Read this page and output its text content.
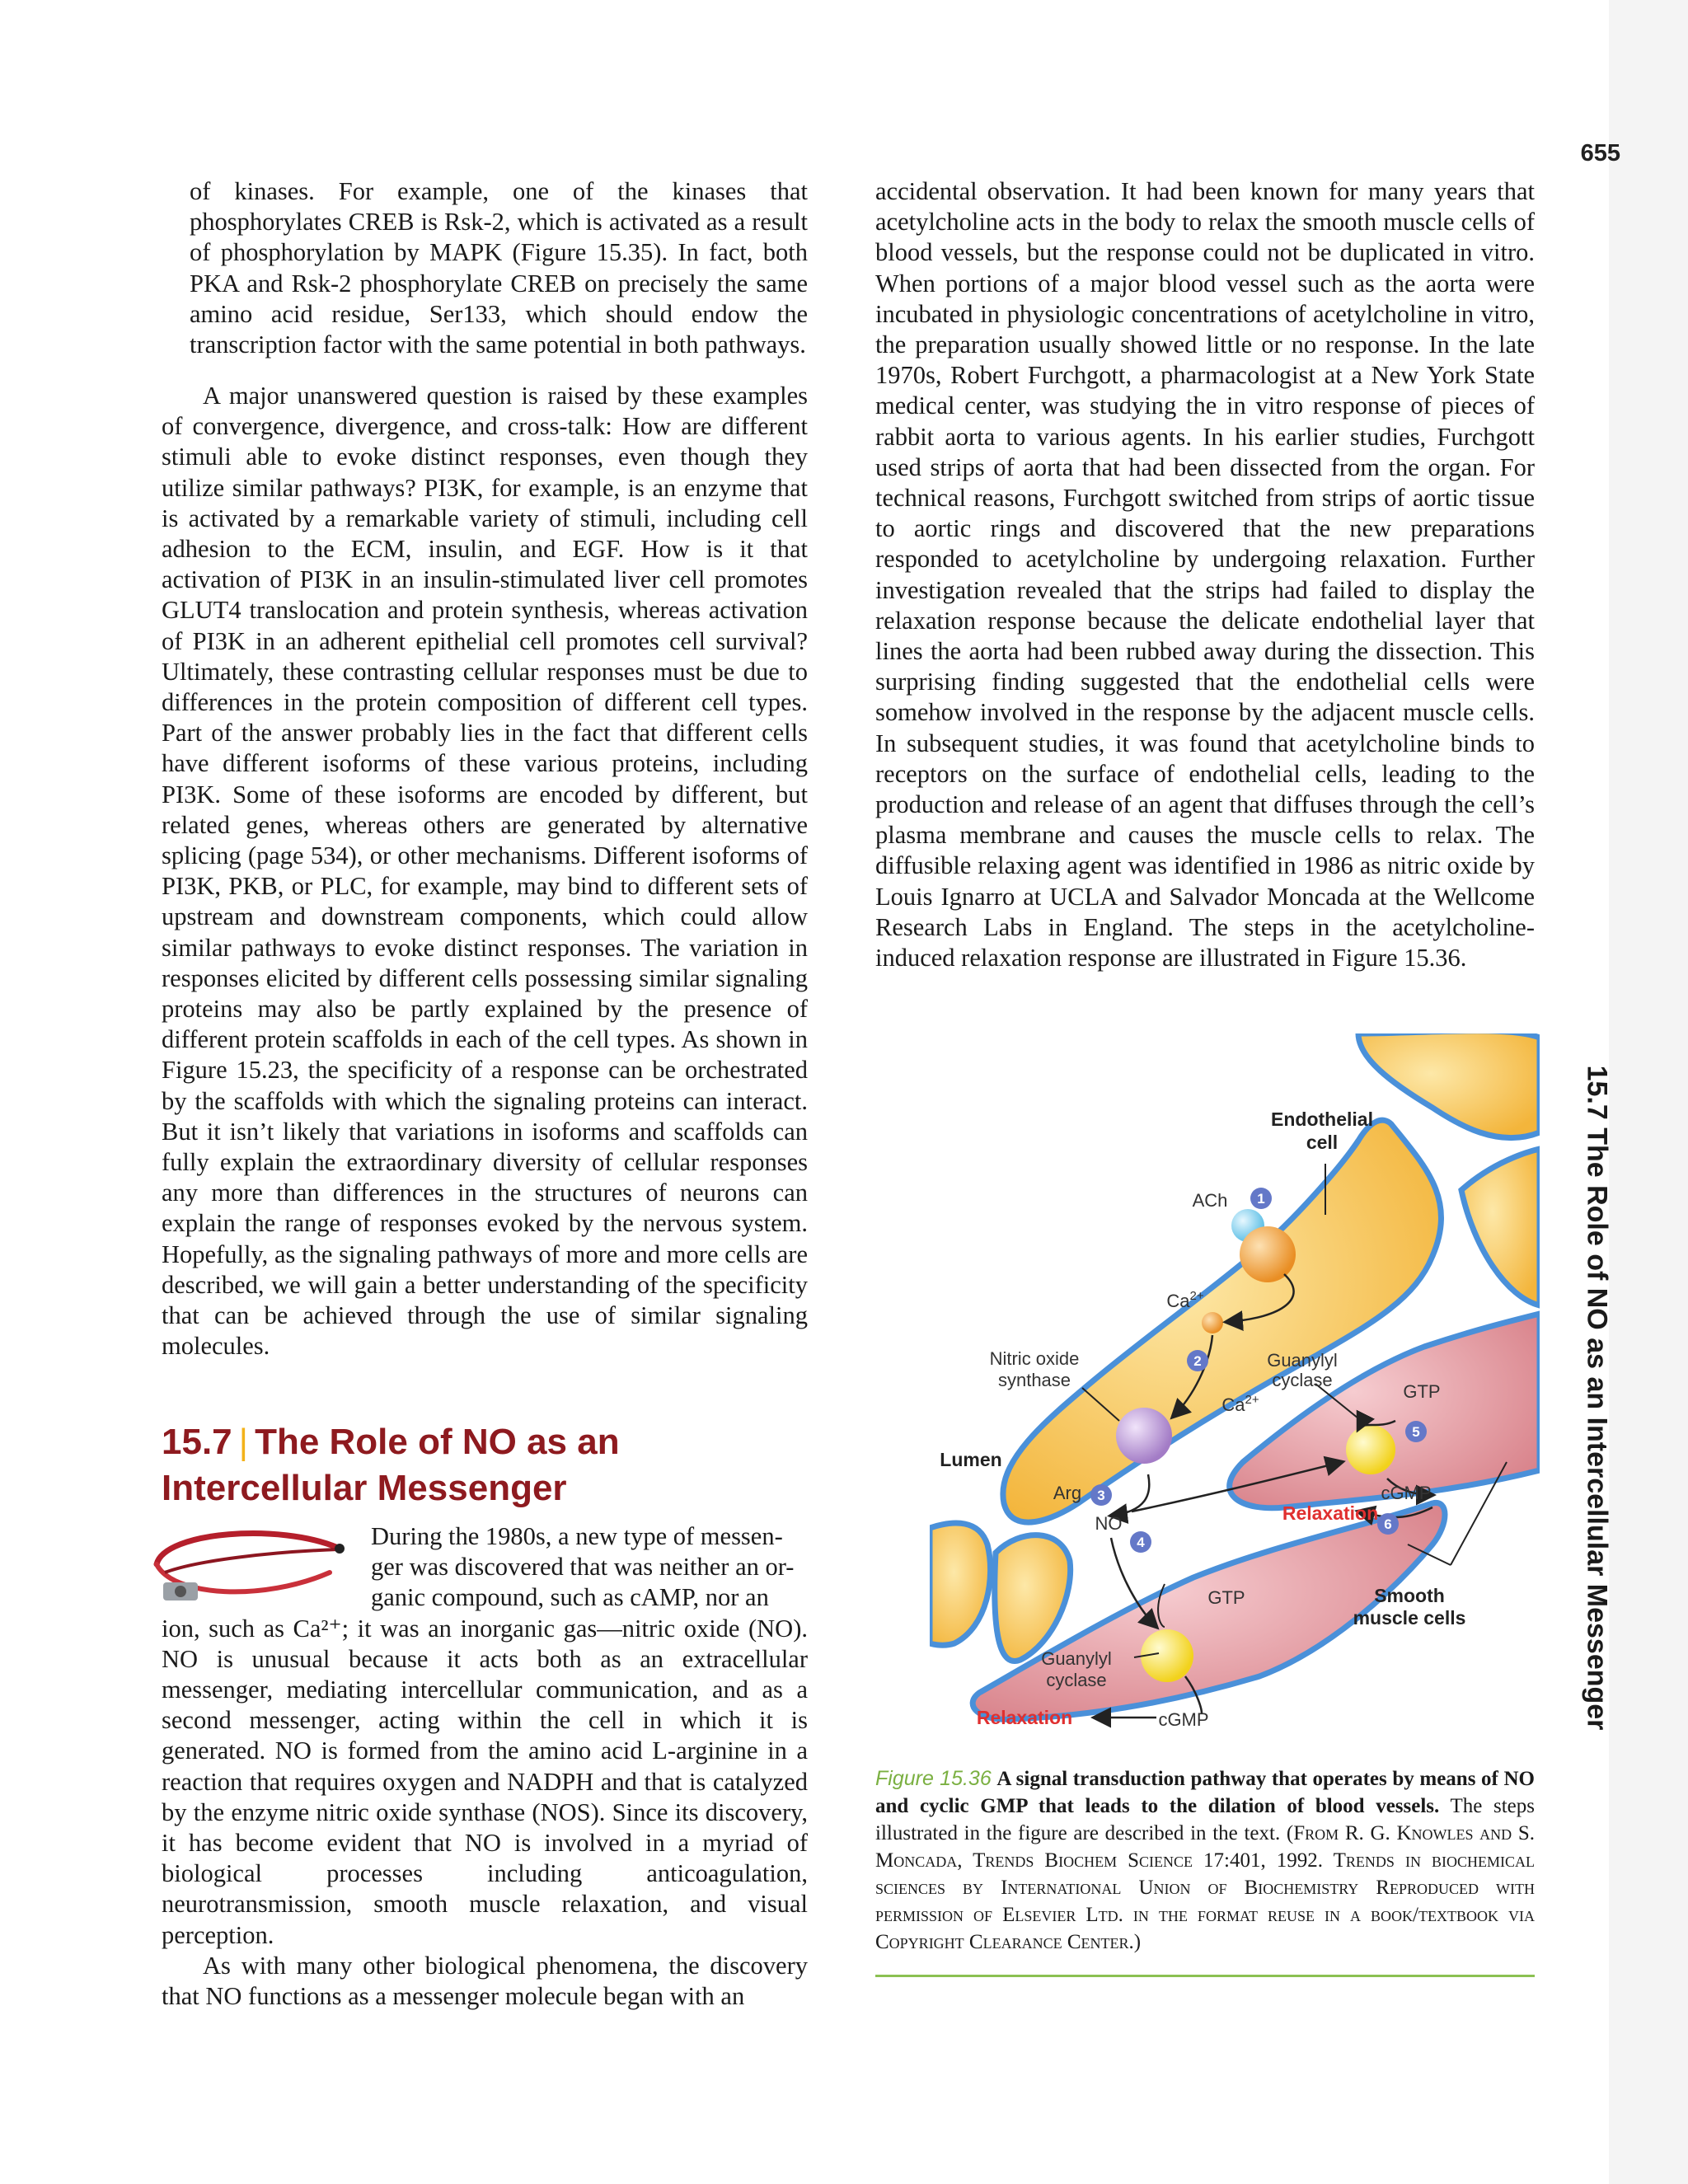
15.7 The Role of NO as an Intercellular Messenger
655

of kinases. For example, one of the kinases that phosphorylates CREB is Rsk-2, which is activated as a result of phosphorylation by MAPK (Figure 15.35). In fact, both PKA and Rsk-2 phosphorylate CREB on precisely the same amino acid residue, Ser133, which should endow the transcription factor with the same potential in both pathways.

A major unanswered question is raised by these examples of convergence, divergence, and cross-talk: How are different stimuli able to evoke distinct responses, even though they utilize similar pathways? PI3K, for example, is an enzyme that is activated by a remarkable variety of stimuli, including cell adhesion to the ECM, insulin, and EGF. How is it that activation of PI3K in an insulin-stimulated liver cell promotes GLUT4 translocation and protein synthesis, whereas activation of PI3K in an adherent epithelial cell promotes cell survival? Ultimately, these contrasting cellular responses must be due to differences in the protein composition of different cell types. Part of the answer probably lies in the fact that different cells have different isoforms of these various proteins, including PI3K. Some of these isoforms are encoded by different, but related genes, whereas others are generated by alternative splicing (page 534), or other mechanisms. Different isoforms of PI3K, PKB, or PLC, for example, may bind to different sets of upstream and downstream components, which could allow similar pathways to evoke distinct responses. The variation in responses elicited by different cells possessing similar signaling proteins may also be partly explained by the presence of different protein scaffolds in each of the cell types. As shown in Figure 15.23, the specificity of a response can be orchestrated by the scaffolds with which the signaling proteins can interact. But it isn’t likely that variations in isoforms and scaffolds can fully explain the extraordinary diversity of cellular responses any more than differences in the structures of neurons can explain the range of responses evoked by the nervous system. Hopefully, as the signaling pathways of more and more cells are described, we will gain a better understanding of the specificity that can be achieved through the use of similar signaling molecules.

15.7 | The Role of NO as an
Intercellular Messenger

During the 1980s, a new type of messen-
ger was discovered that was neither an or-
ganic compound, such as cAMP, nor an
ion, such as Ca²⁺; it was an inorganic gas—nitric oxide (NO). NO is unusual because it acts both as an extracellular messenger, mediating intercellular communication, and as a second messenger, acting within the cell in which it is generated. NO is formed from the amino acid L-arginine in a reaction that requires oxygen and NADPH and that is catalyzed by the enzyme nitric oxide synthase (NOS). Since its discovery, it has become evident that NO is involved in a myriad of biological processes including anticoagulation, neurotransmission, smooth muscle relaxation, and visual perception.

As with many other biological phenomena, the discovery that NO functions as a messenger molecule began with an

accidental observation. It had been known for many years that acetylcholine acts in the body to relax the smooth muscle cells of blood vessels, but the response could not be duplicated in vitro. When portions of a major blood vessel such as the aorta were incubated in physiologic concentrations of acetylcholine in vitro, the preparation usually showed little or no response. In the late 1970s, Robert Furchgott, a pharmacologist at a New York State medical center, was studying the in vitro response of pieces of rabbit aorta to various agents. In his earlier studies, Furchgott used strips of aorta that had been dissected from the organ. For technical reasons, Furchgott switched from strips of aortic tissue to aortic rings and discovered that the new preparations responded to acetylcholine by undergoing relaxation. Further investigation revealed that the strips had failed to display the relaxation response because the delicate endothelial layer that lines the aorta had been rubbed away during the dissection. This surprising finding suggested that the endothelial cells were somehow involved in the response by the adjacent muscle cells. In subsequent studies, it was found that acetylcholine binds to receptors on the surface of endothelial cells, leading to the production and release of an agent that diffuses through the cell’s plasma membrane and causes the muscle cells to relax. The diffusible relaxing agent was identified in 1986 as nitric oxide by Louis Ignarro at UCLA and Salvador Moncada at the Wellcome Research Labs in England. The steps in the acetylcholine-induced relaxation response are illustrated in Figure 15.36.

1
2
3
4
5
6
Endothelial
cell
ACh
$Ca^{2+}$
Nitric oxide
synthase
Guanylyl
cyclase
$Ca^{2+}$	GTP
Lumen
Arg	cGMP
NO	Relaxation
GTP	Smooth
muscle cells
Guanylyl
cyclase
Relaxation	cGMP
Figure 15.36 A signal transduction pathway that operates by means of NO and cyclic GMP that leads to the dilation of blood vessels. The steps illustrated in the figure are described in the text. (From R. G. Knowles and S. Moncada, Trends Biochem Science 17:401, 1992. Trends in biochemical sciences by International Union of Biochemistry Reproduced with permission of Elsevier Ltd. in the format reuse in a book/textbook via Copyright Clearance Center.)
